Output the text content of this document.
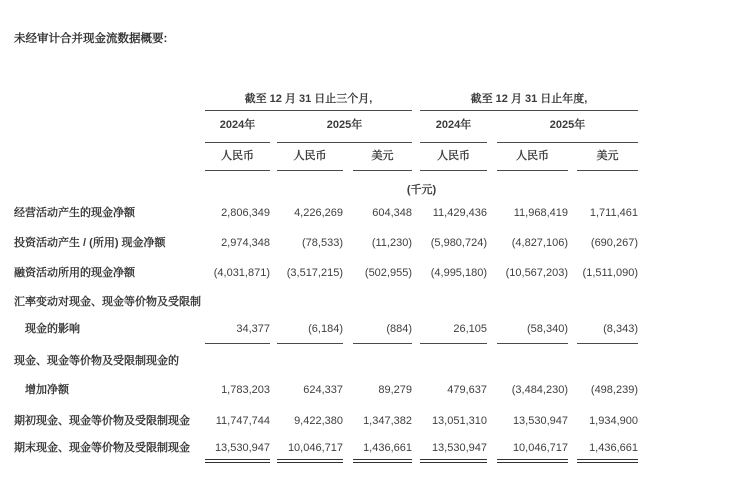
未经审计合并现金流数据概要:
截至 12 月 31 日止三个月,	截至 12 月 31 日止年度,
2024年	2025年	2024年	2025年
人民币	人民币	美元	人民币	人民币	美元
(千元)
经营活动产生的现金净额	2,806,349	4,226,269	604,348	11,429,436	11,968,419	1,711,461
投资活动产生 / (所用) 现金净额	2,974,348	(78,533)	(11,230)	(5,980,724)	(4,827,106)	(690,267)
融资活动所用的现金净额	(4,031,871)	(3,517,215)	(502,955)	(4,995,180)	(10,567,203)	(1,511,090)
汇率变动对现金、现金等价物及受限制
现金的影响	34,377	(6,184)	(884)	26,105	(58,340)	(8,343)
现金、现金等价物及受限制现金的
增加净额	1,783,203	624,337	89,279	479,637	(3,484,230)	(498,239)
期初现金、现金等价物及受限制现金	11,747,744	9,422,380	1,347,382	13,051,310	13,530,947	1,934,900
期末现金、现金等价物及受限制现金	13,530,947	10,046,717	1,436,661	13,530,947	10,046,717	1,436,661
